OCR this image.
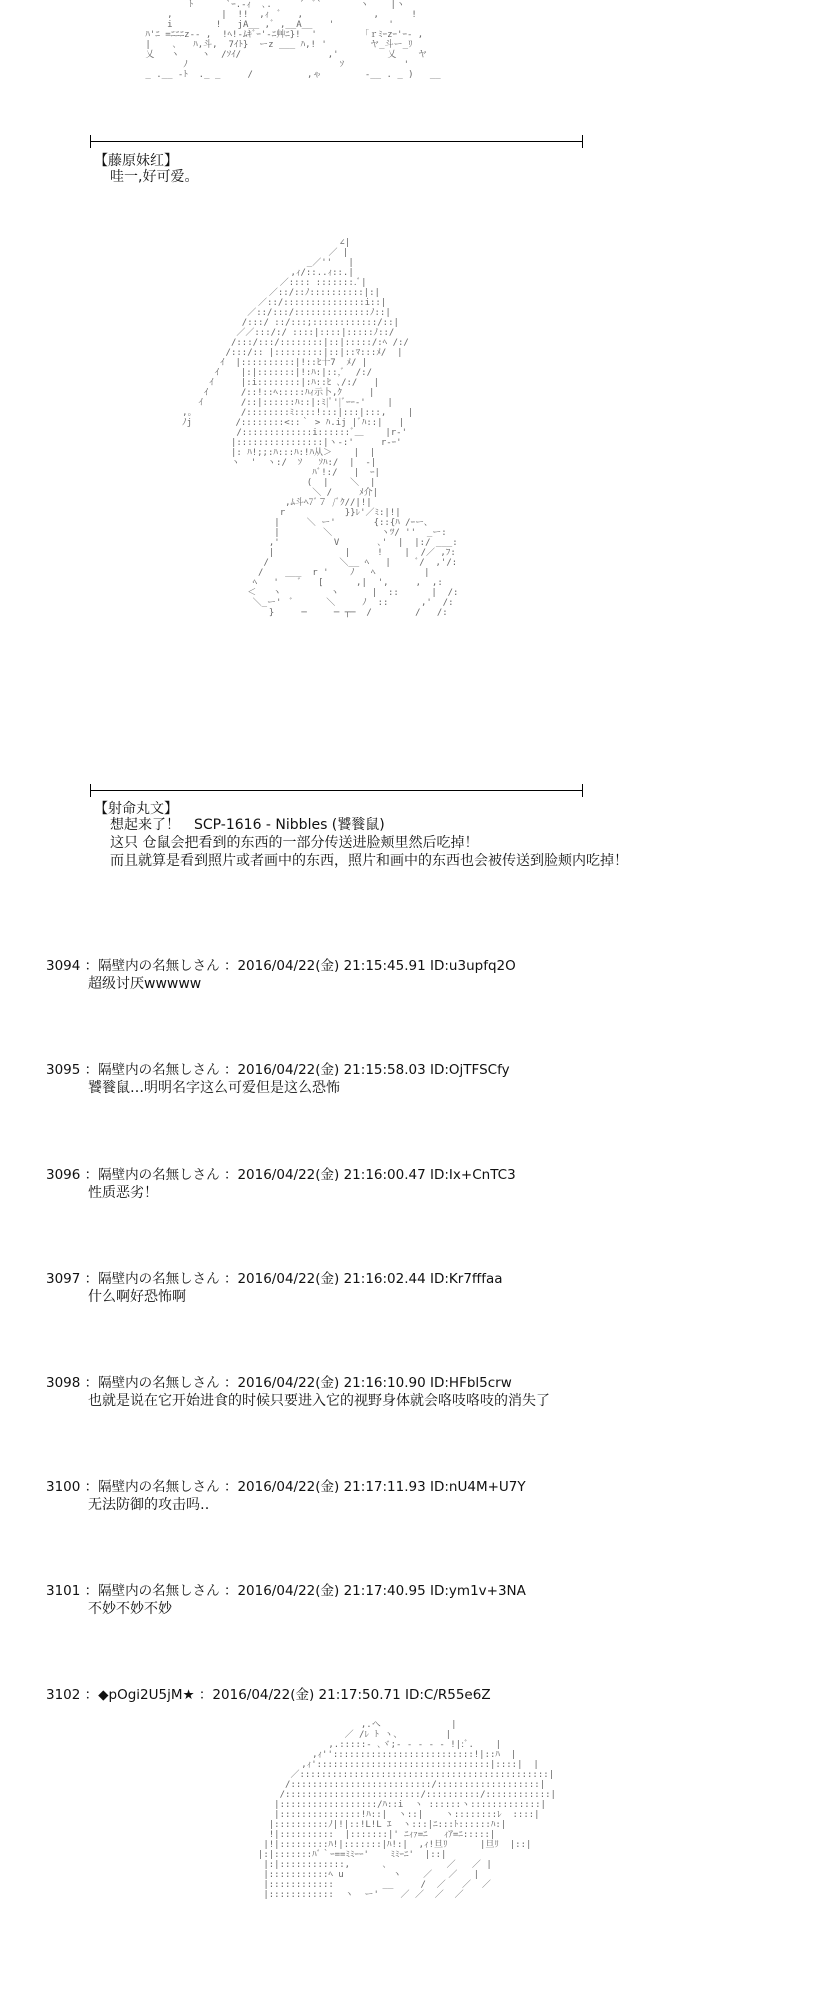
ﾄ      `ｰ.-ｨ  ､.     ´  ﾞ`       ヽ    |ヽ
,         |  !!  ,ｨ  ﾞ   ,             ,      !
i        !   jA__ ,ﾞ ,__A__   '          '
ﾊ'ﾆ =ﾆﾆﾆz-- ,  !ﾍ!-ﾑｷﾞｰ'-ﾆ艸ﾆ}!  '        「ｒﾐｰzｰ'ｰ- ,
|    ､   ﾊ,斗,  7ｲﾄ}  ーz ___ ﾊ,! '        ヤ_斗ー_ﾘ
乂   ヽ    ヽ  /ｿｲ/                ,'         乂    ヤ
ﾉ                            ｿ           '
_ .__ -ﾄ  ._ _     /          ,ゃ        -__ . _ )   __

【藤原妹红】
哇一,好可爱。
∠|
／ |
_／''   |
,ｨ/::..ｨ::.|
／:::: :::::::.ﾞ|
／::/::ﾉ::::::::::|:|
／::/:::::::::::::::i::|
／::/:::/::::::::::::::ﾉ::|
/:::/ ::/:::;::::::::::::/::|
／／:::/:/ ::::|::::|:::::ﾉ::/
/:::/:::/::::::::|::|:::::/:ﾍ /:/
/:::/:: |:::::::::|::|::ﾏ:::ﾒ/  |
ｲ  |::::::::::|!::ﾋ十7  ﾒ/ |
ｲ    |:|:::::::|!:ﾊ:|::,ﾞ  /:/
ｲ     |:i::::::::|:ﾊ::ﾋ ､/:/   |
ｲ      /::!::ﾍ:::::ﾊｨ示卜,ｸ     |
ｲ       /::|::::::ﾊ::|:ﾐ|ﾟ'|ﾞｰｰ-'    |
,｡         /::::::::ﾐ::::!:::|:::|:::,    |
ﾉj        /::::::::<::｀ > ﾊ.ij |ﾞﾊ::|   |
/:::::::::::::i::::::ﾞ＿    |r-'
|::::::::::::::::|ヽ-:'     r-ｰ'
|: ﾊ!;;:ﾊ:::ﾊ:!ﾊ从＞    |  |
ヽ  '  ヽ:/  ｿ   ｿﾊ:/  |  -|
ﾊﾞ!:/   |  ｰ|
(  |    ＼  |
＼ /     ﾒ介|
,ﾑ斗ﾍ7ﾞ７ /ﾞｸ//|!|
r           }}ﾚ'／ﾐ:|!|
|     ＼ ー'       {::{ﾊ /ｰー、
|        ＼         ヽﾂ/ ''  _ー:
,'          V       ､'  |  |:/ ___:
|             |     !    |  /／ ,ﾌ:
/             ＼__ ﾍ   |     ﾞ/  ,'/:
/    ___  r '    ﾉ   ﾍ         |
ﾍ   '    ﾞ   [      ,|  ',     ,  ,:
＜   ヽ         ヽ      |  ::      |  /:
＼_ー'  ﾞ      ＼     ﾉ  ::      ,'  /:
}     ─     ─ ┬─  /        /   /:

【射命丸文】
想起来了！　SCP-1616 - Nibbles (饕餮鼠)
这只 仓鼠会把看到的东西的一部分传送进脸颊里然后吃掉！
而且就算是看到照片或者画中的东西，照片和画中的东西也会被传送到脸颊内吃掉！
3094 ：隔壁内の名無しさん ：2016/04/22(金) 21:15:45.91 ID:u3upfq2O
超级讨厌wwwww
3095 ：隔壁内の名無しさん ：2016/04/22(金) 21:15:58.03 ID:OjTFSCfy
饕餮鼠…明明名字这么可爱但是这么恐怖
3096 ：隔壁内の名無しさん ：2016/04/22(金) 21:16:00.47 ID:Ix+CnTC3
性质恶劣！
3097 ：隔壁内の名無しさん ：2016/04/22(金) 21:16:02.44 ID:Kr7fffaa
什么啊好恐怖啊
3098 ：隔壁内の名無しさん ：2016/04/22(金) 21:16:10.90 ID:HFbl5crw
也就是说在它开始进食的时候只要进入它的视野身体就会咯吱咯吱的消失了
3100 ：隔壁内の名無しさん ：2016/04/22(金) 21:17:11.93 ID:nU4M+U7Y
无法防御的攻击吗‥
3101 ：隔壁内の名無しさん ：2016/04/22(金) 21:17:40.95 ID:ym1v+3NA
不妙不妙不妙
3102 ：◆pOgi2U5jM★ ：2016/04/22(金) 21:17:50.71 ID:C/R55e6Z
,.へ             |
／ /ﾚ ﾄ ヽ、        |
,.:::::‐ ､ヾ;- - - - - !|:ﾞ.    |
,ｨ''::::::::::::::::::::::::::!|::ﾊ  |
,ｨ'::::::::::::::::::::::::::::::::|::::|  |
／::::::::::::::::::::::::::::::::::::::::::::::|
/::::::::::::::::::::::::::/:::::::::::::::::::|
/:::::::::::::::::::::::::/::::::::::/::::::::::::|
|::::::::::::::::::/ﾊ::i  ヽ ::::::ヽ:::::::::::::|
|:::::::::::::::!ﾊ::|  ヽ::|    ヽ::::::::ﾚ  ::::|
|::::::::::ﾉ|!|::!L!L ｴ  ヽ:::|ﾆ:::ﾄ::::::ﾊ:|
!|::::::::::  |:::::::|' ﾆｨｧ=ﾆ   ｨｱ=ﾆ:::::|
|!|:::::::::ﾊ!|:::::::|ﾊ!:|  ,ｨ!旦ﾘ      |旦ﾘ  |::|
|:|:::::::ﾊﾞ｀ｰ==ﾐﾐｰｰ'    ﾐﾐｰﾆ'  |::|
|:|::::::::::::,      ､           ／   ／ |
|:::::::::::ﾍ u         ヽ    ／   ／   |
|::::::::::::         __     /  ／   ／  ／
|::::::::::::  ヽ  ー'    ／ ／  ／  ／
